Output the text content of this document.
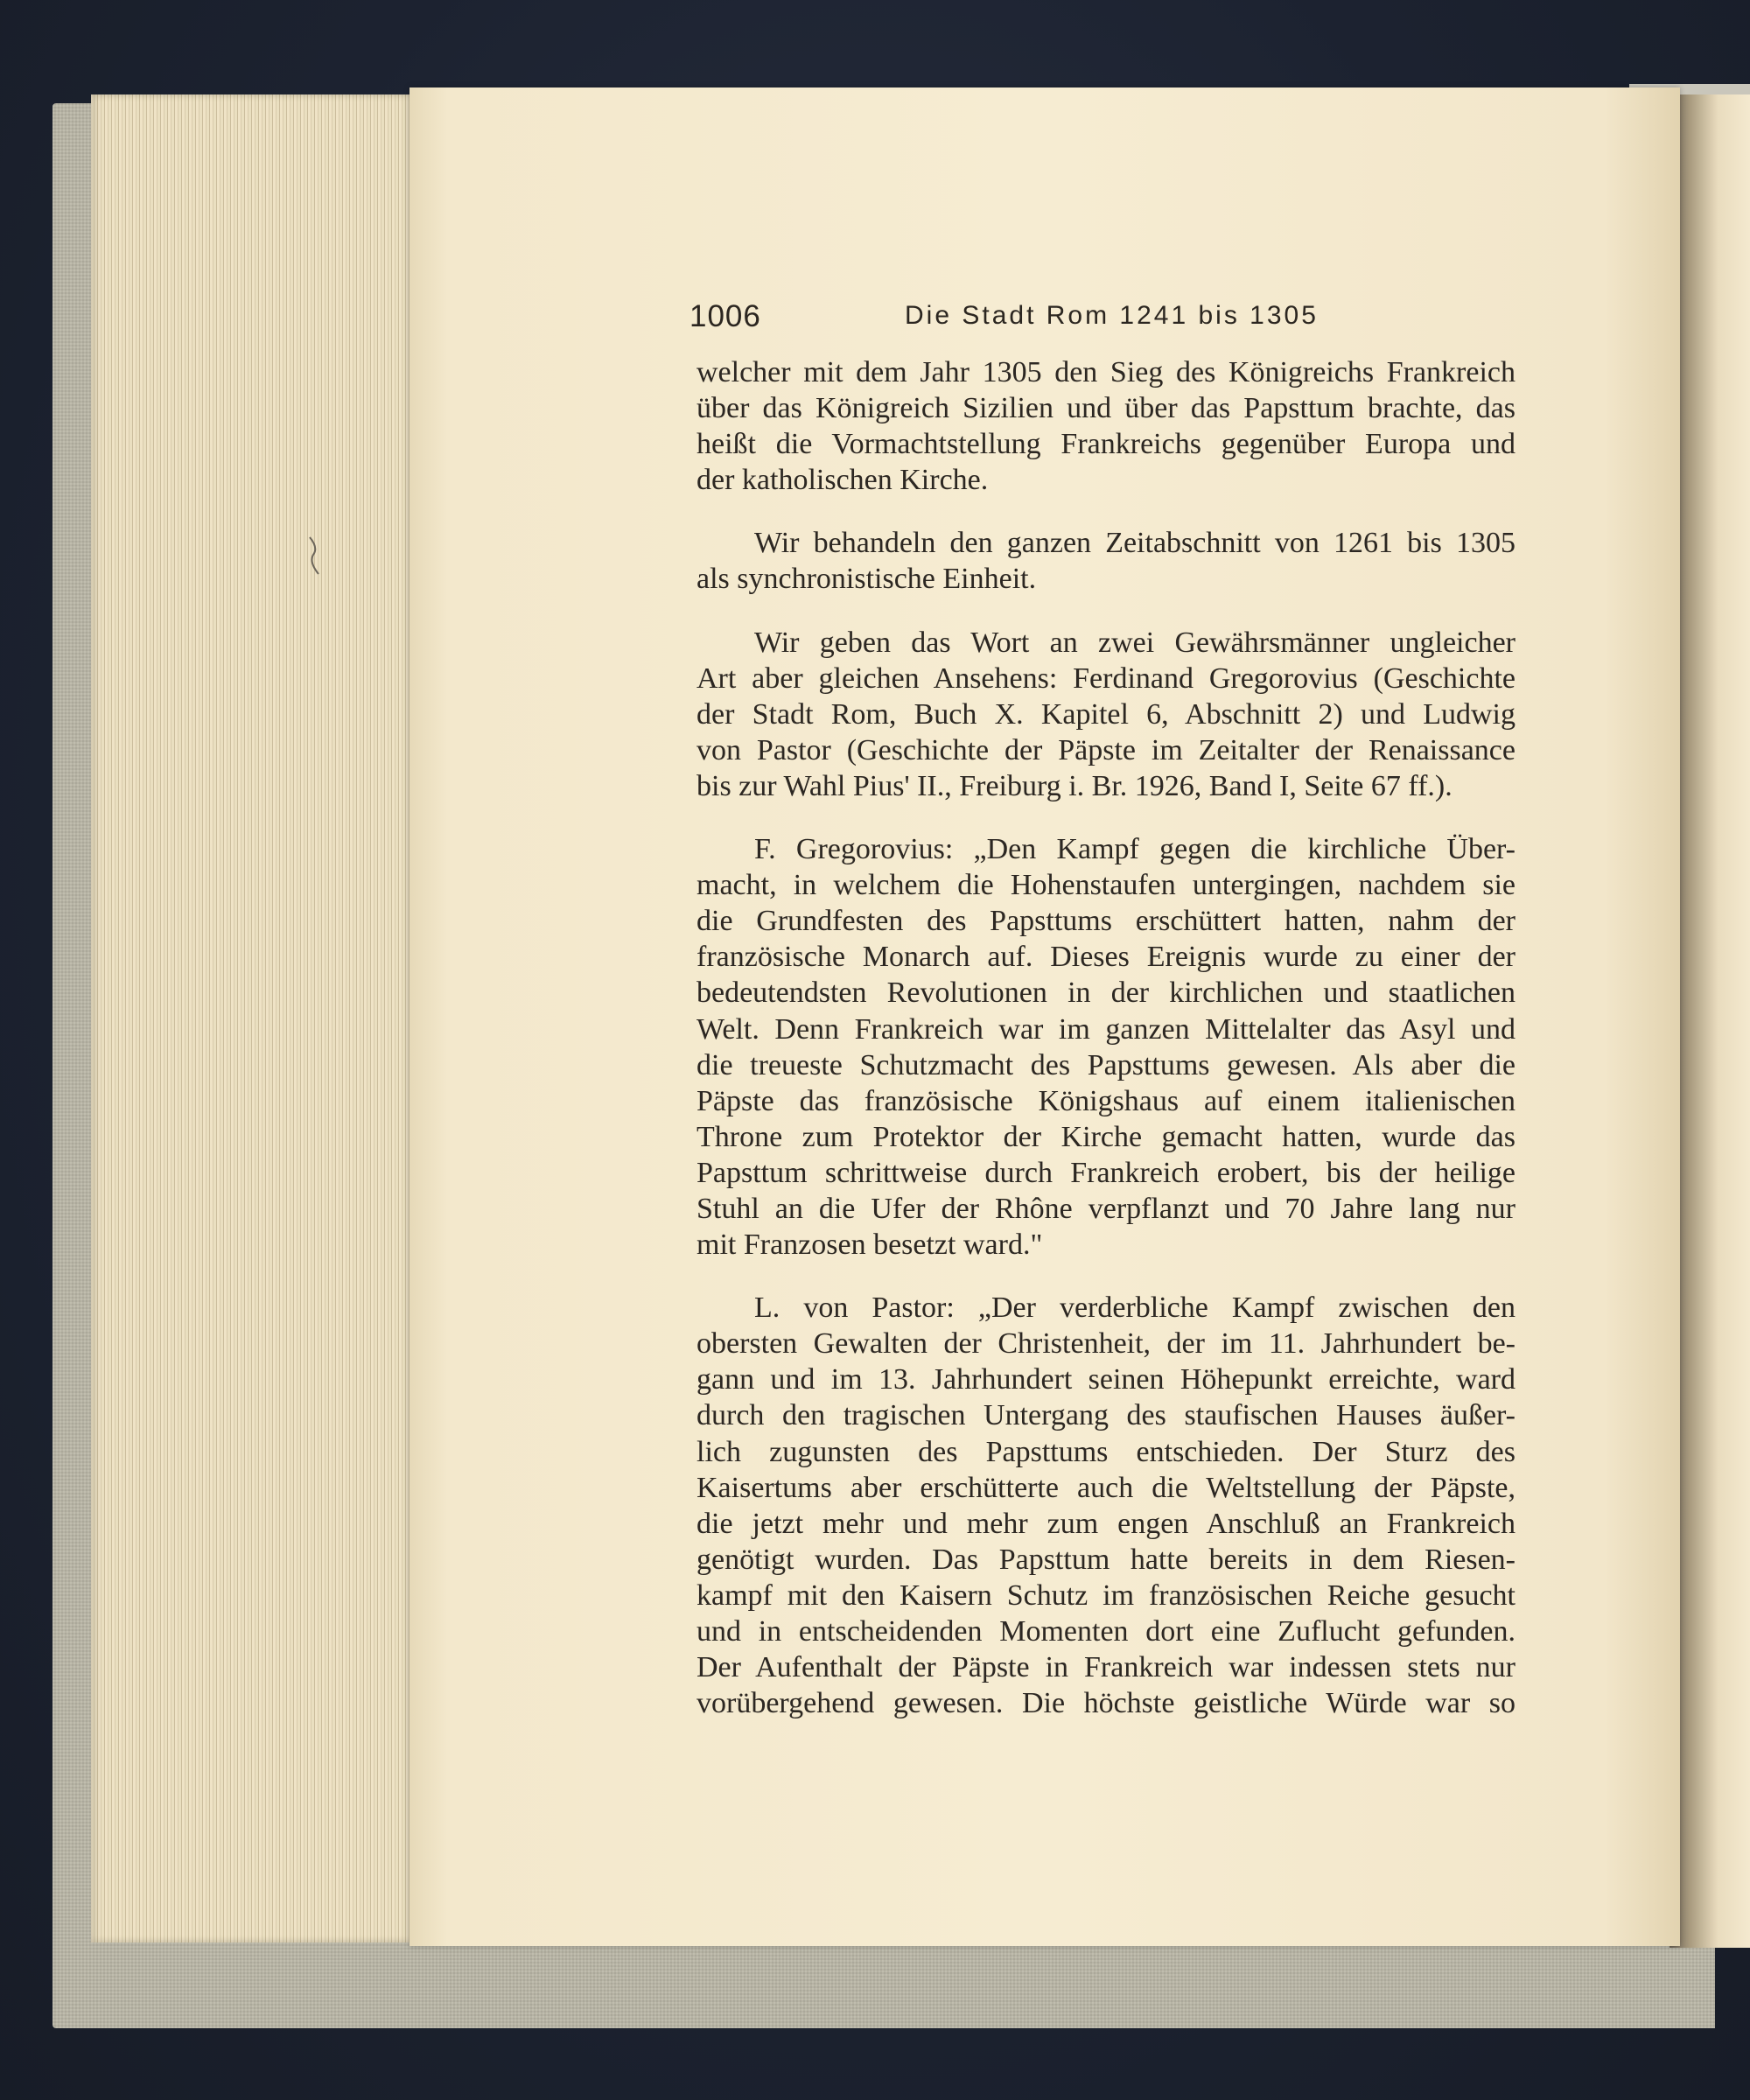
1006	Die Stadt Rom 1241 bis 1305
welcher mit dem Jahr 1305 den Sieg des Königreichs Frankreich
über das Königreich Sizilien und über das Papsttum brachte, das
heißt die Vormachtstellung Frankreichs gegenüber Europa und
der katholischen Kirche.
Wir behandeln den ganzen Zeitabschnitt von 1261 bis 1305
als synchronistische Einheit.
Wir geben das Wort an zwei Gewährsmänner ungleicher
Art aber gleichen Ansehens: Ferdinand Gregorovius (Geschichte
der Stadt Rom, Buch X. Kapitel 6, Abschnitt 2) und Ludwig
von Pastor (Geschichte der Päpste im Zeitalter der Renaissance
bis zur Wahl Pius' II., Freiburg i. Br. 1926, Band I, Seite 67 ff.).
F. Gregorovius: „Den Kampf gegen die kirchliche Über-
macht, in welchem die Hohenstaufen untergingen, nachdem sie
die Grundfesten des Papsttums erschüttert hatten, nahm der
französische Monarch auf. Dieses Ereignis wurde zu einer der
bedeutendsten Revolutionen in der kirchlichen und staatlichen
Welt. Denn Frankreich war im ganzen Mittelalter das Asyl und
die treueste Schutzmacht des Papsttums gewesen. Als aber die
Päpste das französische Königshaus auf einem italienischen
Throne zum Protektor der Kirche gemacht hatten, wurde das
Papsttum schrittweise durch Frankreich erobert, bis der heilige
Stuhl an die Ufer der Rhône verpflanzt und 70 Jahre lang nur
mit Franzosen besetzt ward."
L. von Pastor: „Der verderbliche Kampf zwischen den
obersten Gewalten der Christenheit, der im 11. Jahrhundert be-
gann und im 13. Jahrhundert seinen Höhepunkt erreichte, ward
durch den tragischen Untergang des staufischen Hauses äußer-
lich zugunsten des Papsttums entschieden. Der Sturz des
Kaisertums aber erschütterte auch die Weltstellung der Päpste,
die jetzt mehr und mehr zum engen Anschluß an Frankreich
genötigt wurden. Das Papsttum hatte bereits in dem Riesen-
kampf mit den Kaisern Schutz im französischen Reiche gesucht
und in entscheidenden Momenten dort eine Zuflucht gefunden.
Der Aufenthalt der Päpste in Frankreich war indessen stets nur
vorübergehend gewesen. Die höchste geistliche Würde war so
